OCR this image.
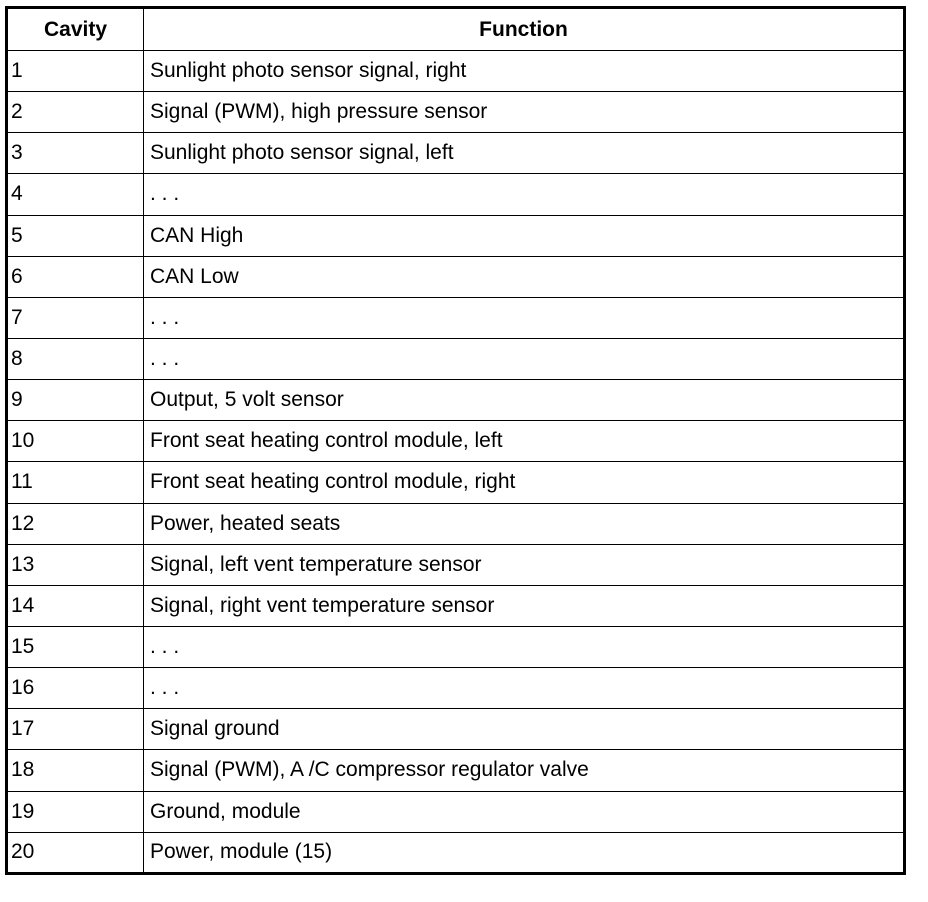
Cavity	Function
1	Sunlight photo sensor signal, right
2	Signal (PWM), high pressure sensor
3	Sunlight photo sensor signal, left
4	. . .
5	CAN High
6	CAN Low
7	. . .
8	. . .
9	Output, 5 volt sensor
10	Front seat heating control module, left
11	Front seat heating control module, right
12	Power, heated seats
13	Signal, left vent temperature sensor
14	Signal, right vent temperature sensor
15	. . .
16	. . .
17	Signal ground
18	Signal (PWM), A /C compressor regulator valve
19	Ground, module
20	Power, module (15)
